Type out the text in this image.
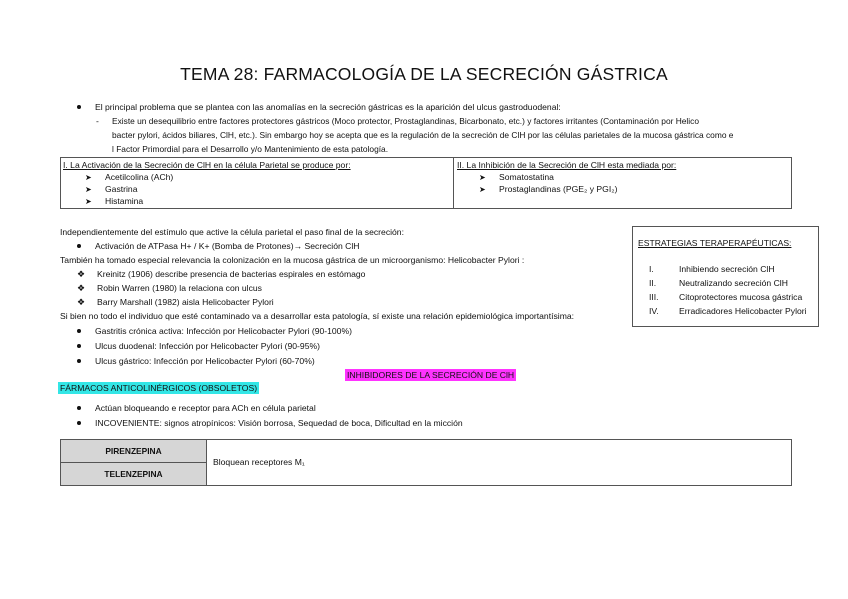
TEMA 28: FARMACOLOGÍA DE LA SECRECIÓN GÁSTRICA
El principal problema que se plantea con las anomalías en la secreción gástricas es la aparición del ulcus gastroduodenal:
- Existe un desequilibrio entre factores protectores gástricos (Moco protector, Prostaglandinas, Bicarbonato, etc.) y factores irritantes (Contaminación por Helico
bacter pylori, ácidos biliares, ClH, etc.). Sin embargo hoy se acepta que es la regulación de la secreción de ClH por las células parietales de la mucosa gástrica como e
l Factor Primordial para el Desarrollo y/o Mantenimiento de esta patología.
I. La Activación de la Secreción de ClH en la célula Parietal se produce por:
➤ Acetilcolina (ACh)
➤ Gastrina
➤ Histamina
II. La Inhibición de la Secreción de ClH esta mediada por:
➤ Somatostatina
➤ Prostaglandinas (PGE₂ y PGI₂)
Independientemente del estímulo que active la célula parietal el paso final de la secreción:
Activación de ATPasa H+ / K+ (Bomba de Protones)→ Secreción ClH
También ha tomado especial relevancia la colonización en la mucosa gástrica de un microorganismo: Helicobacter Pylori :
❖ Kreinitz (1906) describe presencia de bacterias espirales en estómago
❖ Robin Warren (1980) la relaciona con ulcus
❖ Barry Marshall (1982) aisla Helicobacter Pylori
Si bien no todo el individuo que esté contaminado va a desarrollar esta patología, sí existe una relación epidemiológica importantísima:
Gastritis crónica activa: Infección por Helicobacter Pylori (90-100%)
Ulcus duodenal: Infección por Helicobacter Pylori (90-95%)
Ulcus gástrico: Infección por Helicobacter Pylori (60-70%)
ESTRATEGIAS TERAPERAPÉUTICAS:
I.	Inhibiendo secreción ClH
II.	Neutralizando secreción ClH
III. Citoprotectores mucosa gástrica
IV. Erradicadores Helicobacter Pylori
INHIBIDORES DE LA SECRECIÓN DE ClH
FÁRMACOS ANTICOLINÉRGICOS (OBSOLETOS)
Actúan bloqueando e receptor para ACh en célula parietal
INCOVENIENTE: signos atropínicos: Visión borrosa, Sequedad de boca, Dificultad en la micción
PIRENZEPINA
TELENZEPINA
Bloquean receptores M₁
